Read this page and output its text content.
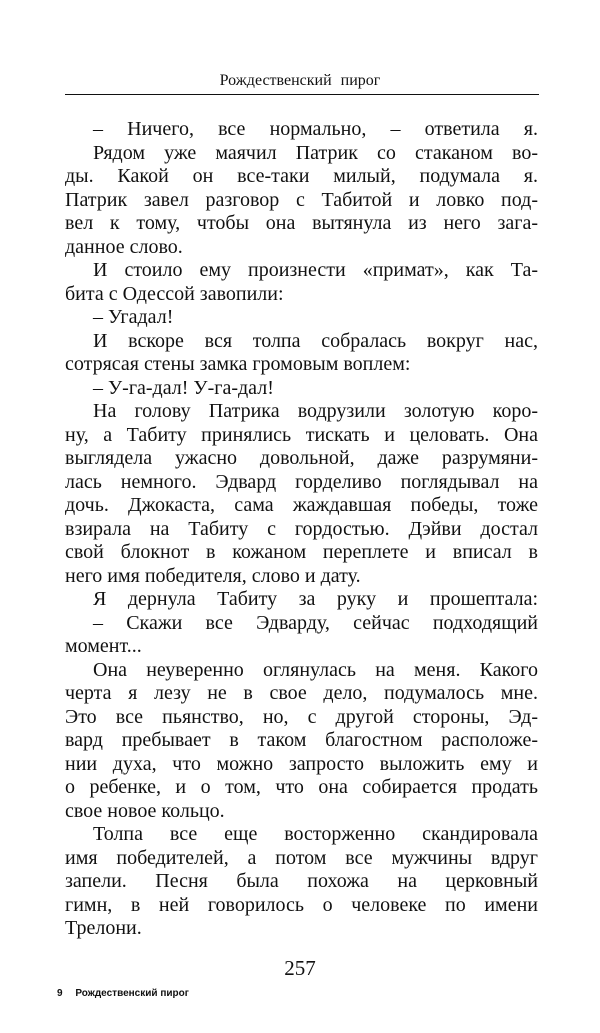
Рождественский пирог
– Ничего, все нормально, – ответила я.
Рядом уже маячил Патрик со стаканом во-
ды. Какой он все-таки милый, подумала я.
Патрик завел разговор с Табитой и ловко под-
вел к тому, чтобы она вытянула из него зага-
данное слово.
И стоило ему произнести «примат», как Та-
бита с Одессой завопили:
– Угадал!
И вскоре вся толпа собралась вокруг нас,
сотрясая стены замка громовым воплем:
– У-га-дал! У-га-дал!
На голову Патрика водрузили золотую коро-
ну, а Табиту принялись тискать и целовать. Она
выглядела ужасно довольной, даже разрумяни-
лась немного. Эдвард горделиво поглядывал на
дочь. Джокаста, сама жаждавшая победы, тоже
взирала на Табиту с гордостью. Дэйви достал
свой блокнот в кожаном переплете и вписал в
него имя победителя, слово и дату.
Я дернула Табиту за руку и прошептала:
– Скажи все Эдварду, сейчас подходящий
момент...
Она неуверенно оглянулась на меня. Какого
черта я лезу не в свое дело, подумалось мне.
Это все пьянство, но, с другой стороны, Эд-
вард пребывает в таком благостном расположе-
нии духа, что можно запросто выложить ему и
о ребенке, и о том, что она собирается продать
свое новое кольцо.
Толпа все еще восторженно скандировала
имя победителей, а потом все мужчины вдруг
запели. Песня была похожа на церковный
гимн, в ней говорилось о человеке по имени
Трелони.
257
9 Рождественский пирог
